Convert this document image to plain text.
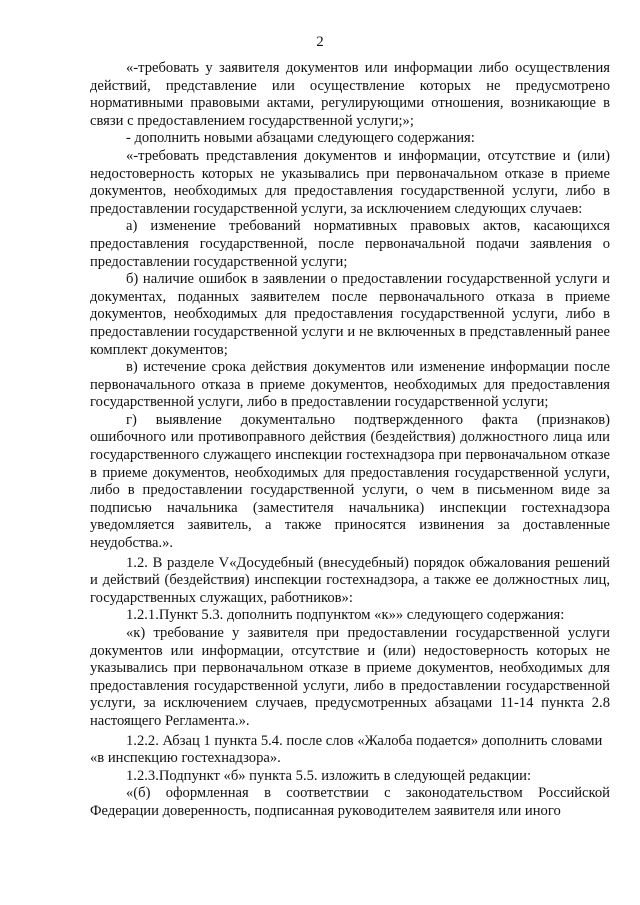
2

«-требовать у заявителя документов или информации либо осуществления действий, представление или осуществление которых не предусмотрено нормативными правовыми актами, регулирующими отношения, возникающие в связи с предоставлением государственной услуги;»;

- дополнить новыми абзацами следующего содержания:

«-требовать представления документов и информации, отсутствие и (или) недостоверность которых не указывались при первоначальном отказе в приеме документов, необходимых для предоставления государственной услуги, либо в предоставлении государственной услуги, за исключением следующих случаев:

а) изменение требований нормативных правовых актов, касающихся предоставления государственной, после первоначальной подачи заявления о предоставлении государственной услуги;

б) наличие ошибок в заявлении о предоставлении государственной услуги и документах, поданных заявителем после первоначального отказа в приеме документов, необходимых для предоставления государственной услуги, либо в предоставлении государственной услуги и не включенных в представленный ранее комплект документов;

в) истечение срока действия документов или изменение информации после первоначального отказа в приеме документов, необходимых для предоставления государственной услуги, либо в предоставлении государственной услуги;

г) выявление документально подтвержденного факта (признаков) ошибочного или противоправного действия (бездействия) должностного лица или государственного служащего инспекции гостехнадзора при первоначальном отказе в приеме документов, необходимых для предоставления государственной услуги, либо в предоставлении государственной услуги, о чем в письменном виде за подписью начальника (заместителя начальника) инспекции гостехнадзора уведомляется заявитель, а также приносятся извинения за доставленные неудобства.».

1.2. В разделе V«Досудебный (внесудебный) порядок обжалования решений и действий (бездействия) инспекции гостехнадзора, а также ее должностных лиц, государственных служащих, работников»:

1.2.1.Пункт 5.3. дополнить подпунктом «к»» следующего содержания:

«к) требование у заявителя при предоставлении государственной услуги документов или информации, отсутствие и (или) недостоверность которых не указывались при первоначальном отказе в приеме документов, необходимых для предоставления государственной услуги, либо в предоставлении государственной услуги, за исключением случаев, предусмотренных абзацами 11-14 пункта 2.8 настоящего Регламента.».

1.2.2. Абзац 1 пункта 5.4. после слов «Жалоба подается» дополнить словами

«в инспекцию гостехнадзора».

1.2.3.Подпункт «б» пункта 5.5. изложить в следующей редакции:

«(б) оформленная в соответствии с законодательством Российской Федерации доверенность, подписанная руководителем заявителя или иного
